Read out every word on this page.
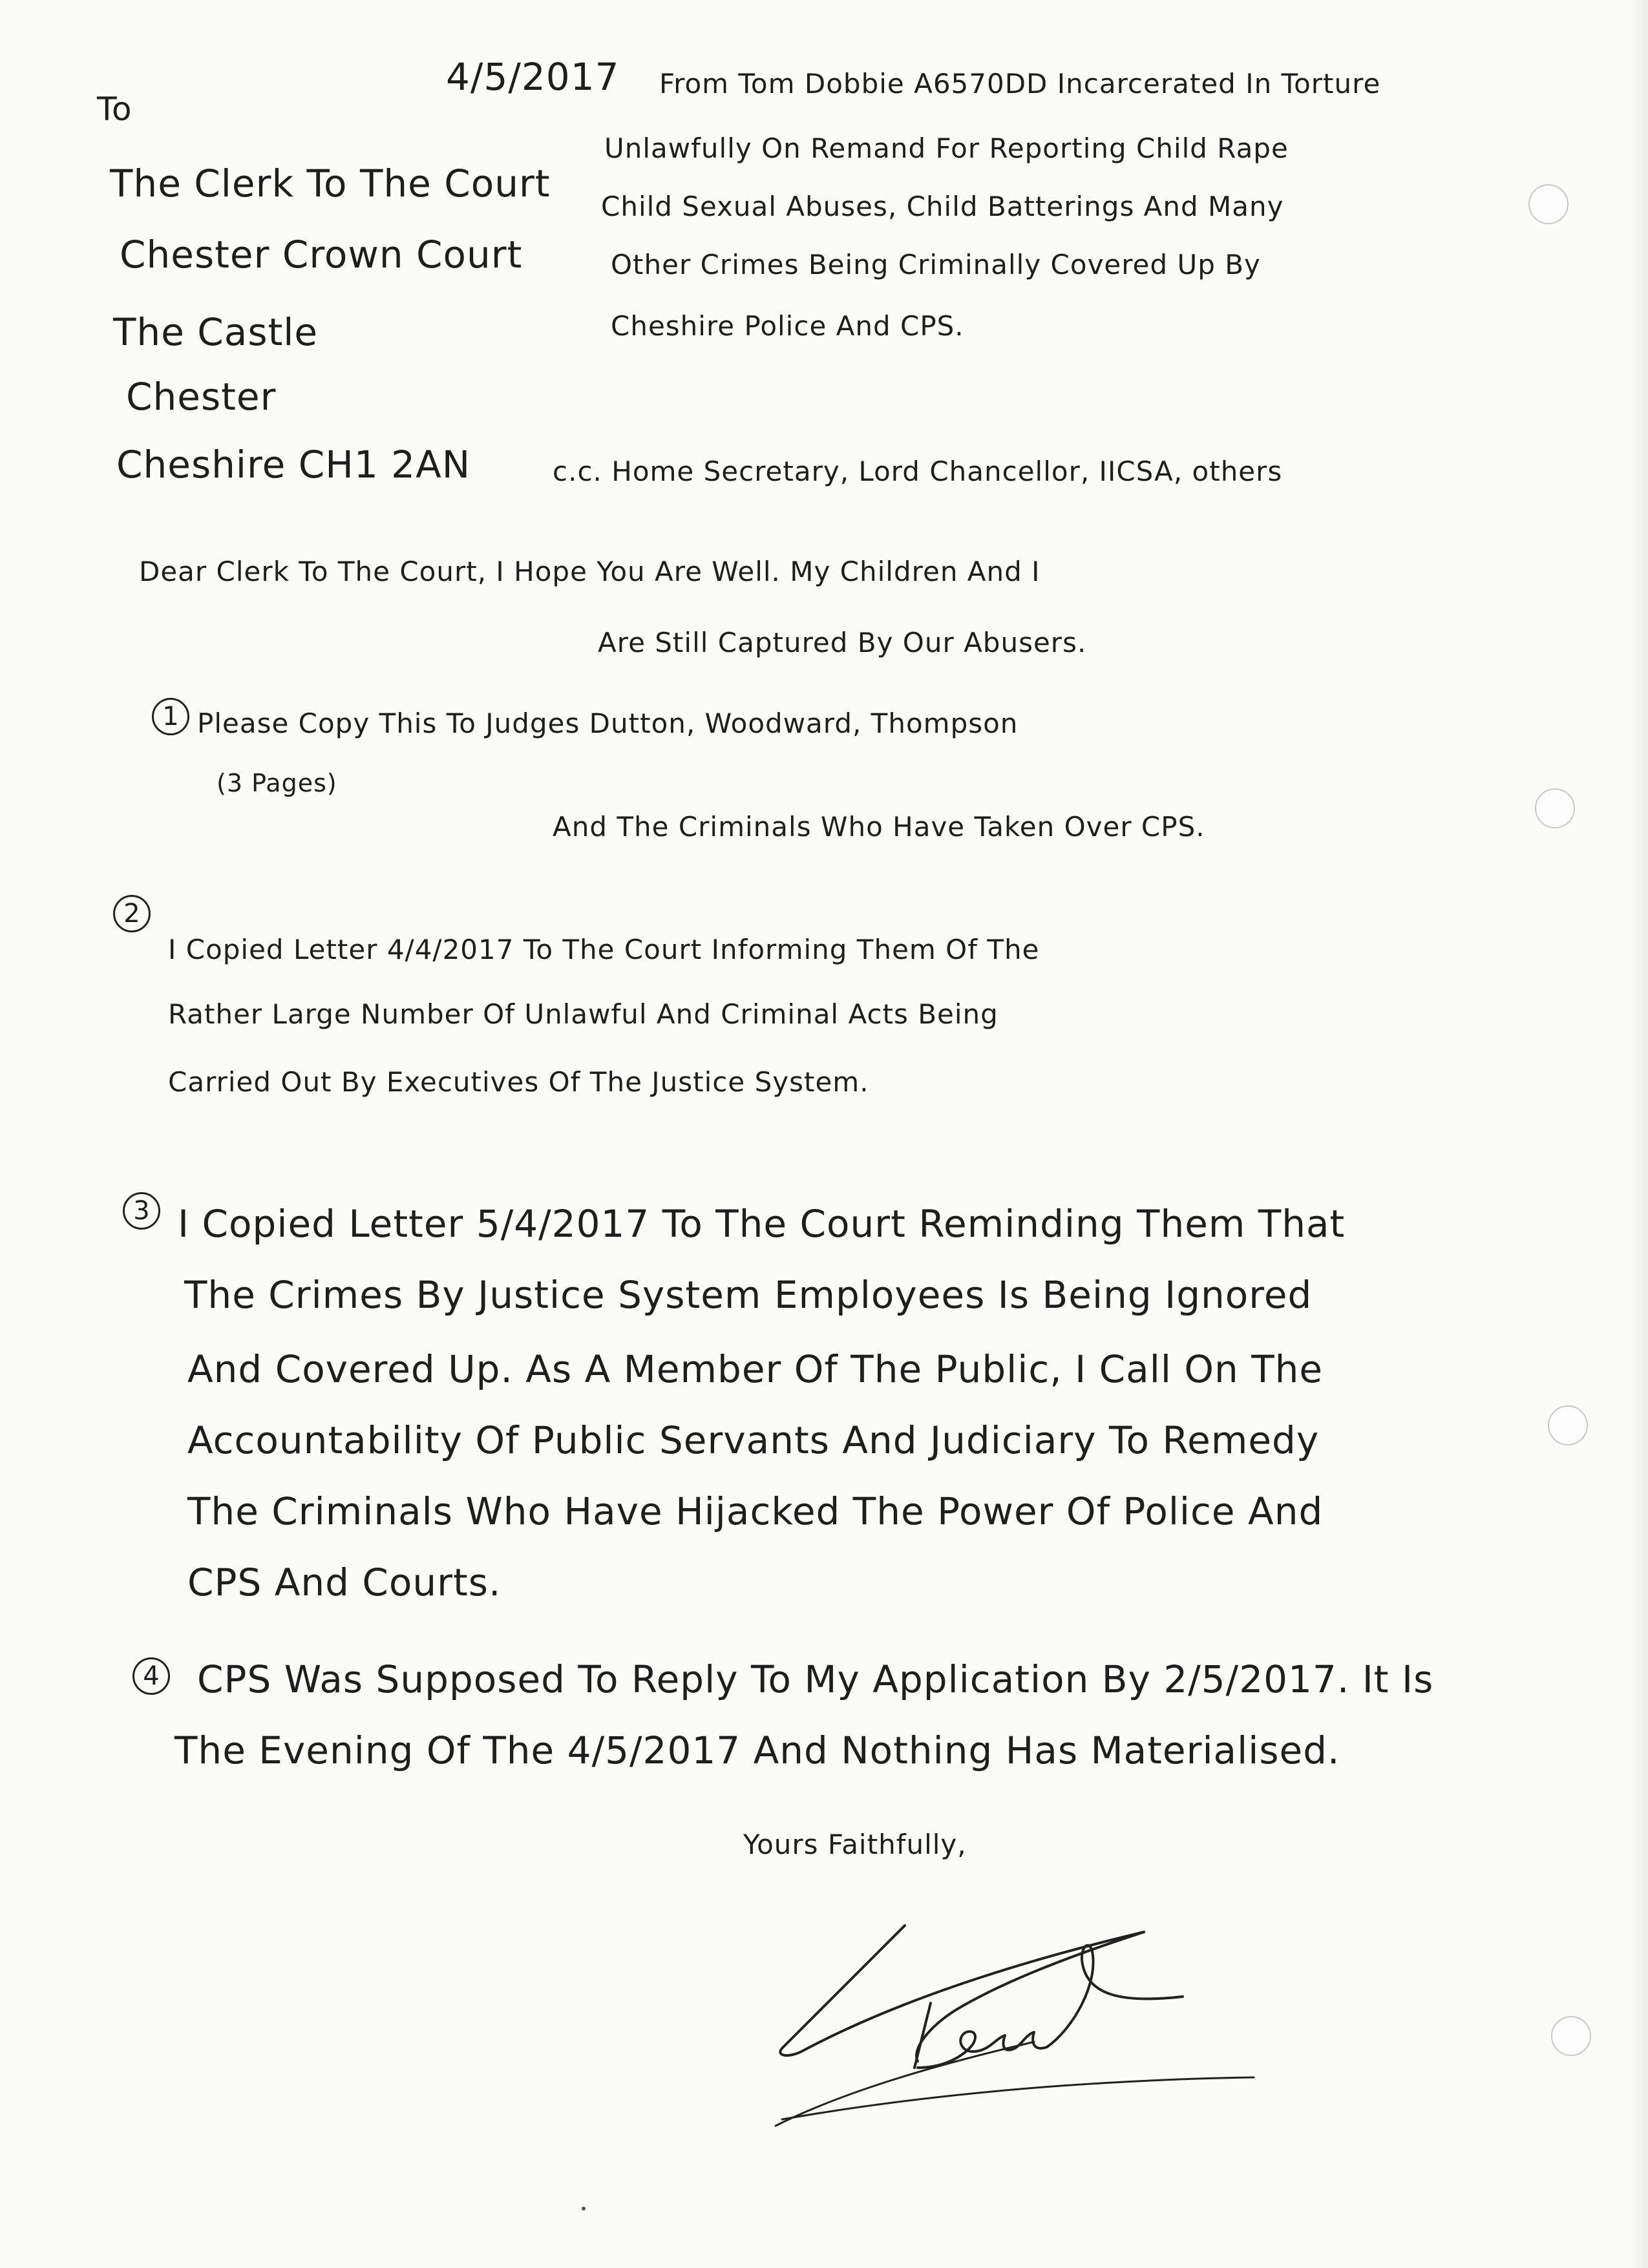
To
The Clerk To The Court
Chester Crown Court
The Castle
Chester
Cheshire CH1 2AN
4/5/2017 From Tom Dobbie A6570DD Incarcerated In Torture
Unlawfully On Remand For Reporting Child Rape
Child Sexual Abuses, Child Batterings And Many
Other Crimes Being Criminally Covered Up By
Cheshire Police And CPS.
c.c. Home Secretary, Lord Chancellor, IICSA, others
Dear Clerk To The Court, I Hope You Are Well. My Children And I
Are Still Captured By Our Abusers.
1 Please Copy This To Judges Dutton, Woodward, Thompson
(3 Pages)
And The Criminals Who Have Taken Over CPS.
2
I Copied Letter 4/4/2017 To The Court Informing Them Of The
Rather Large Number Of Unlawful And Criminal Acts Being
Carried Out By Executives Of The Justice System.
3 I Copied Letter 5/4/2017 To The Court Reminding Them That
The Crimes By Justice System Employees Is Being Ignored
And Covered Up. As A Member Of The Public, I Call On The
Accountability Of Public Servants And Judiciary To Remedy
The Criminals Who Have Hijacked The Power Of Police And
CPS And Courts.
4 CPS Was Supposed To Reply To My Application By 2/5/2017. It Is
The Evening Of The 4/5/2017 And Nothing Has Materialised.
Yours Faithfully,
